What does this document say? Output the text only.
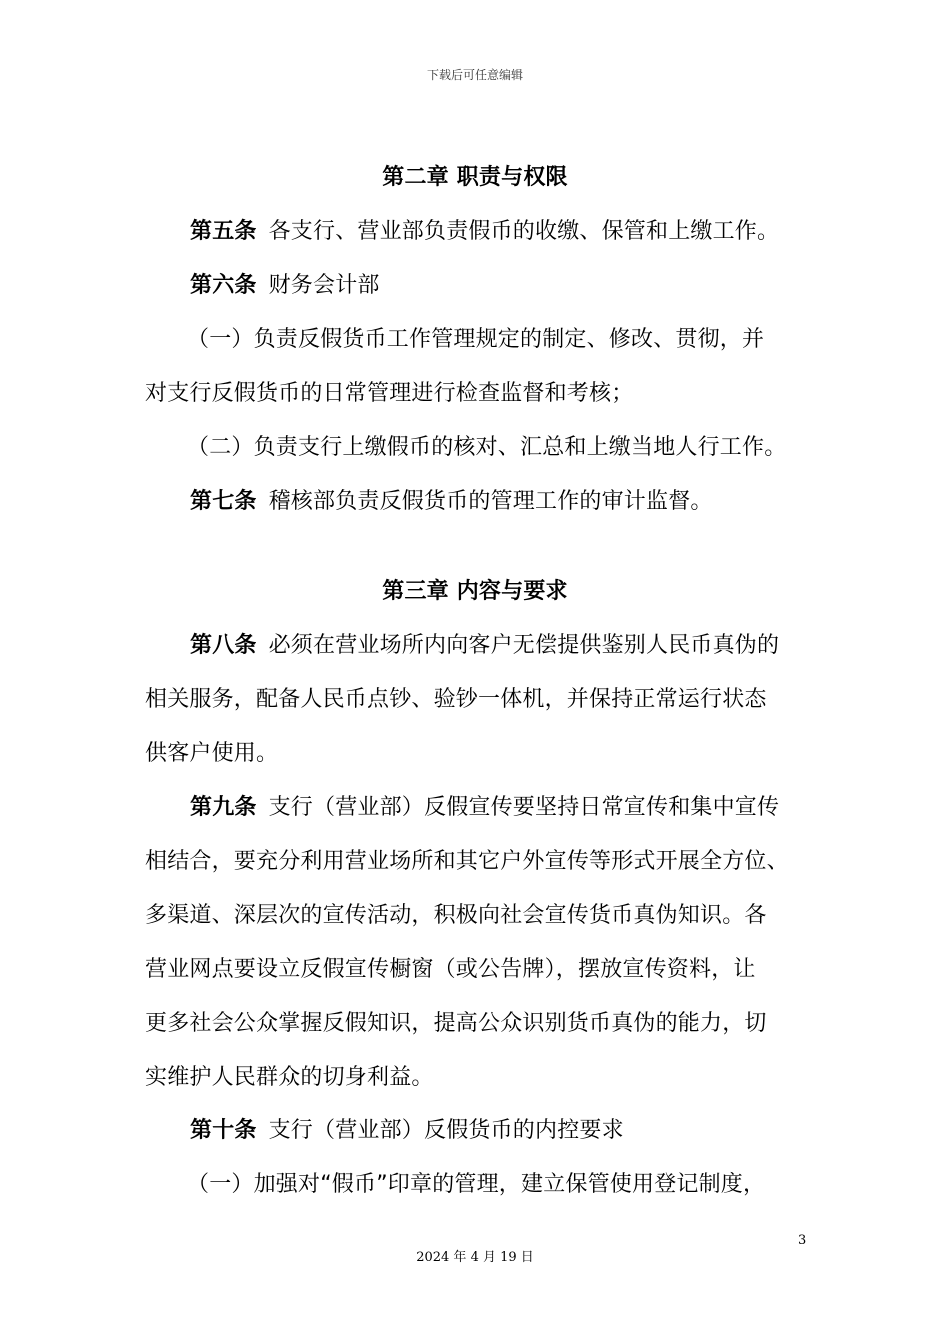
下载后可任意编辑
第二章 职责与权限
第五条 各支行、营业部负责假币的收缴、保管和上缴工作。
第六条 财务会计部
（一）负责反假货币工作管理规定的制定、修改、贯彻，并
对支行反假货币的日常管理进行检查监督和考核；
（二）负责支行上缴假币的核对、汇总和上缴当地人行工作。
第七条 稽核部负责反假货币的管理工作的审计监督。
第三章 内容与要求
第八条 必须在营业场所内向客户无偿提供鉴别人民币真伪的
相关服务，配备人民币点钞、验钞一体机，并保持正常运行状态
供客户使用。
第九条 支行（营业部）反假宣传要坚持日常宣传和集中宣传
相结合，要充分利用营业场所和其它户外宣传等形式开展全方位、
多渠道、深层次的宣传活动，积极向社会宣传货币真伪知识。各
营业网点要设立反假宣传橱窗（或公告牌），摆放宣传资料，让
更多社会公众掌握反假知识，提高公众识别货币真伪的能力，切
实维护人民群众的切身利益。
第十条 支行（营业部）反假货币的内控要求
（一）加强对“假币”印章的管理，建立保管使用登记制度，
3
2024 年 4 月 19 日
